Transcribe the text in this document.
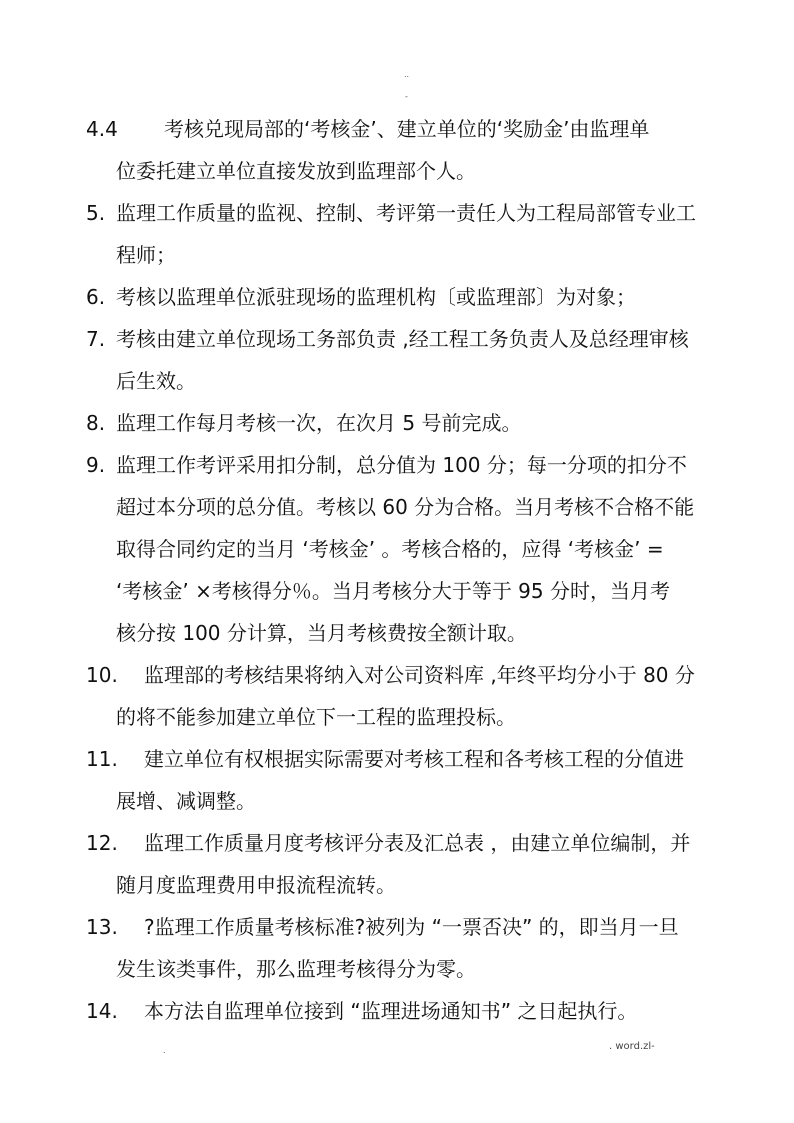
..
-
4.4	　考核兑现局部的‘考核金’、建立单位的‘奖励金’由监理单
位委托建立单位直接发放到监理部个人。
5. 监理工作质量的监视、控制、考评第一责任人为工程局部管专业工
程师；
6. 考核以监理单位派驻现场的监理机构〔或监理部〕为对象；
7. 考核由建立单位现场工务部负责 ,经工程工务负责人及总经理审核
后生效。
8. 监理工作每月考核一次，在次月 5 号前完成。
9. 监理工作考评采用扣分制，总分值为 100 分；每一分项的扣分不
超过本分项的总分值。考核以 60 分为合格。当月考核不合格不能
取得合同约定的当月 ‘考核金’ 。考核合格的，应得 ‘考核金’ =
‘考核金’ ×考核得分％。当月考核分大于等于 95 分时，当月考
核分按 100 分计算，当月考核费按全额计取。
10.	监理部的考核结果将纳入对公司资料库 ,年终平均分小于 80 分
的将不能参加建立单位下一工程的监理投标。
11.	建立单位有权根据实际需要对考核工程和各考核工程的分值进
展增、减调整。
12.	监理工作质量月度考核评分表及汇总表 ，由建立单位编制，并
随月度监理费用申报流程流转。
13.	?监理工作质量考核标准?被列为 “一票否决” 的，即当月一旦
发生该类事件，那么监理考核得分为零。
14.	本方法自监理单位接到 “监理进场通知书” 之日起执行。
.	. word.zl-
